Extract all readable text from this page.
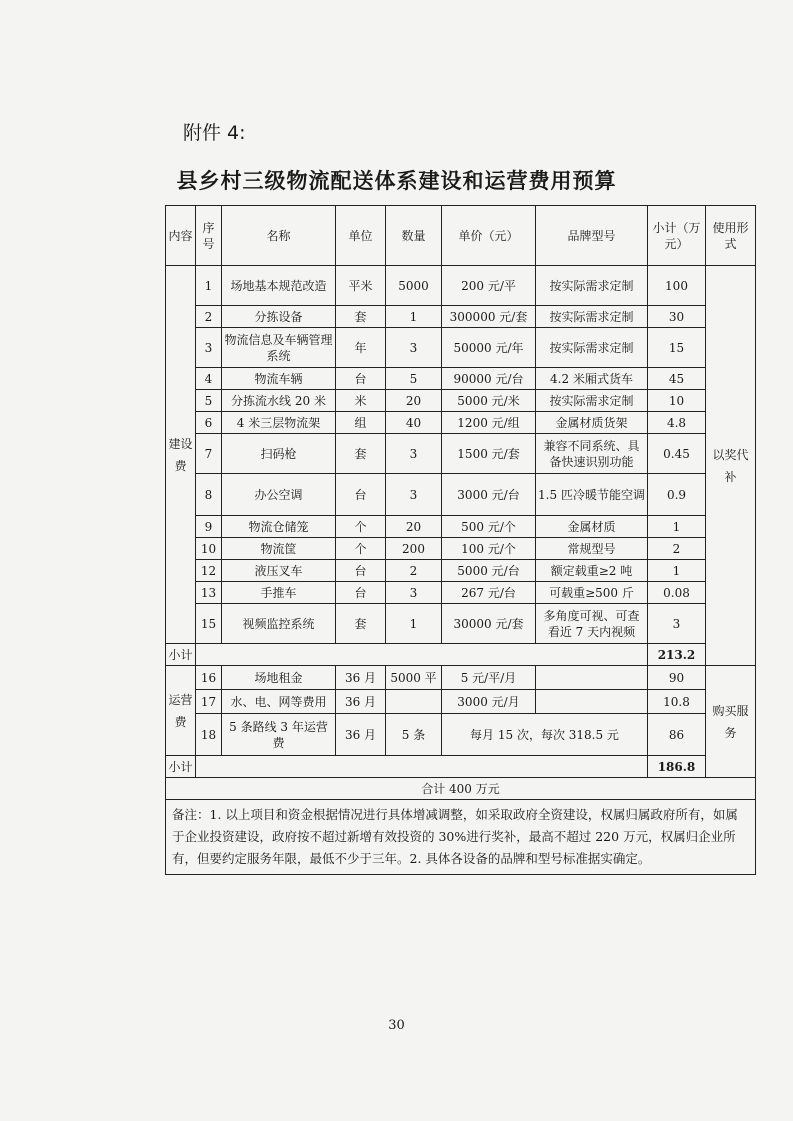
附件 4:
县乡村三级物流配送体系建设和运营费用预算
内容	序号	名称	单位	数量	单价（元）	品牌型号	小计（万元）	使用形式
建设费	1	场地基本规范改造	平米	5000	200 元/平	按实际需求定制	100	以奖代补
	2	分拣设备	套	1	300000 元/套	按实际需求定制	30	
	3	物流信息及车辆管理系统	年	3	50000 元/年	按实际需求定制	15	
	4	物流车辆	台	5	90000 元/台	4.2 米厢式货车	45	
	5	分拣流水线 20 米	米	20	5000 元/米	按实际需求定制	10	
	6	4 米三层物流架	组	40	1200 元/组	金属材质货架	4.8	
	7	扫码枪	套	3	1500 元/套	兼容不同系统、具备快速识别功能	0.45	
	8	办公空调	台	3	3000 元/台	1.5 匹冷暖节能空调	0.9	
	9	物流仓储笼	个	20	500 元/个	金属材质	1	
	10	物流筐	个	200	100 元/个	常规型号	2	
	12	液压叉车	台	2	5000 元/台	额定载重≥2 吨	1	
	13	手推车	台	3	267 元/台	可载重≥500 斤	0.08	
	15	视频监控系统	套	1	30000 元/套	多角度可视、可查看近 7 天内视频	3	
小计							213.2	
运营费	16	场地租金	36 月	5000 平	5 元/平/月		90	购买服务
	17	水、电、网等费用	36 月		3000 元/月		10.8	
	18	5 条路线 3 年运营费	36 月	5 条	每月 15 次，每次 318.5 元		86	
小计							186.8	
合计 400 万元								
备注：1. 以上项目和资金根据情况进行具体增减调整，如采取政府全资建设，权属归属政府所有，如属于企业投资建设，政府按不超过新增有效投资的 30%进行奖补，最高不超过 220 万元，权属归企业所有，但要约定服务年限，最低不少于三年。2. 具体各设备的品牌和型号标准据实确定。								
30
